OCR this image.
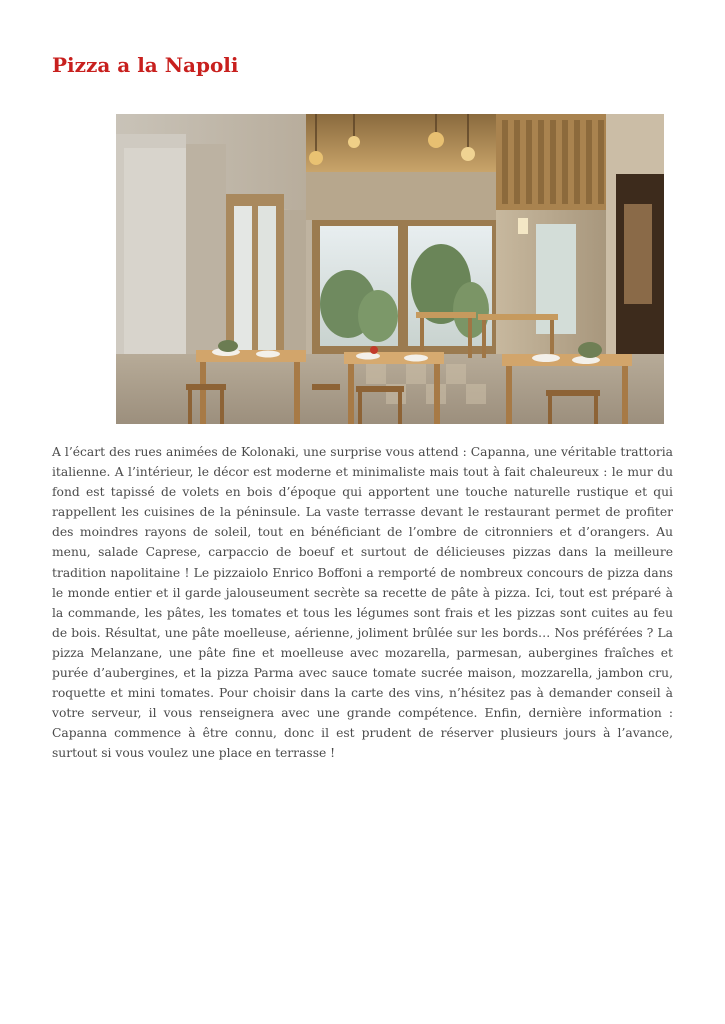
Pizza a la Napoli

A l’écart des rues animées de Kolonaki, une surprise vous attend : Capanna, une véritable trattoria italienne. A l’intérieur, le décor est moderne et minimaliste mais tout à fait chaleureux : le mur du fond est tapissé de volets en bois d’époque qui apportent une touche naturelle rustique et qui rappellent les cuisines de la péninsule. La vaste terrasse devant le restaurant permet de profiter des moindres rayons de soleil, tout en bénéficiant de l’ombre de citronniers et d’orangers. Au menu, salade Caprese, carpaccio de boeuf et surtout de délicieuses pizzas dans la meilleure tradition napolitaine ! Le pizzaiolo Enrico Boffoni a remporté de nombreux concours de pizza dans le monde entier et il garde jalouseument secrète sa recette de pâte à pizza. Ici, tout est préparé à la commande, les pâtes, les tomates et tous les légumes sont frais et les pizzas sont cuites au feu de bois. Résultat, une pâte moelleuse, aérienne, joliment brûlée sur les bords… Nos préférées ? La pizza Melanzane, une pâte fine et moelleuse avec mozarella, parmesan, aubergines fraîches et purée d’aubergines, et la pizza Parma avec sauce tomate sucrée maison, mozzarella, jambon cru, roquette et mini tomates. Pour choisir dans la carte des vins, n’hésitez pas à demander conseil à votre serveur, il vous renseignera avec une grande compétence. Enfin, dernière information : Capanna commence à être connu, donc il est prudent de réserver plusieurs jours à l’avance, surtout si vous voulez une place en terrasse !
